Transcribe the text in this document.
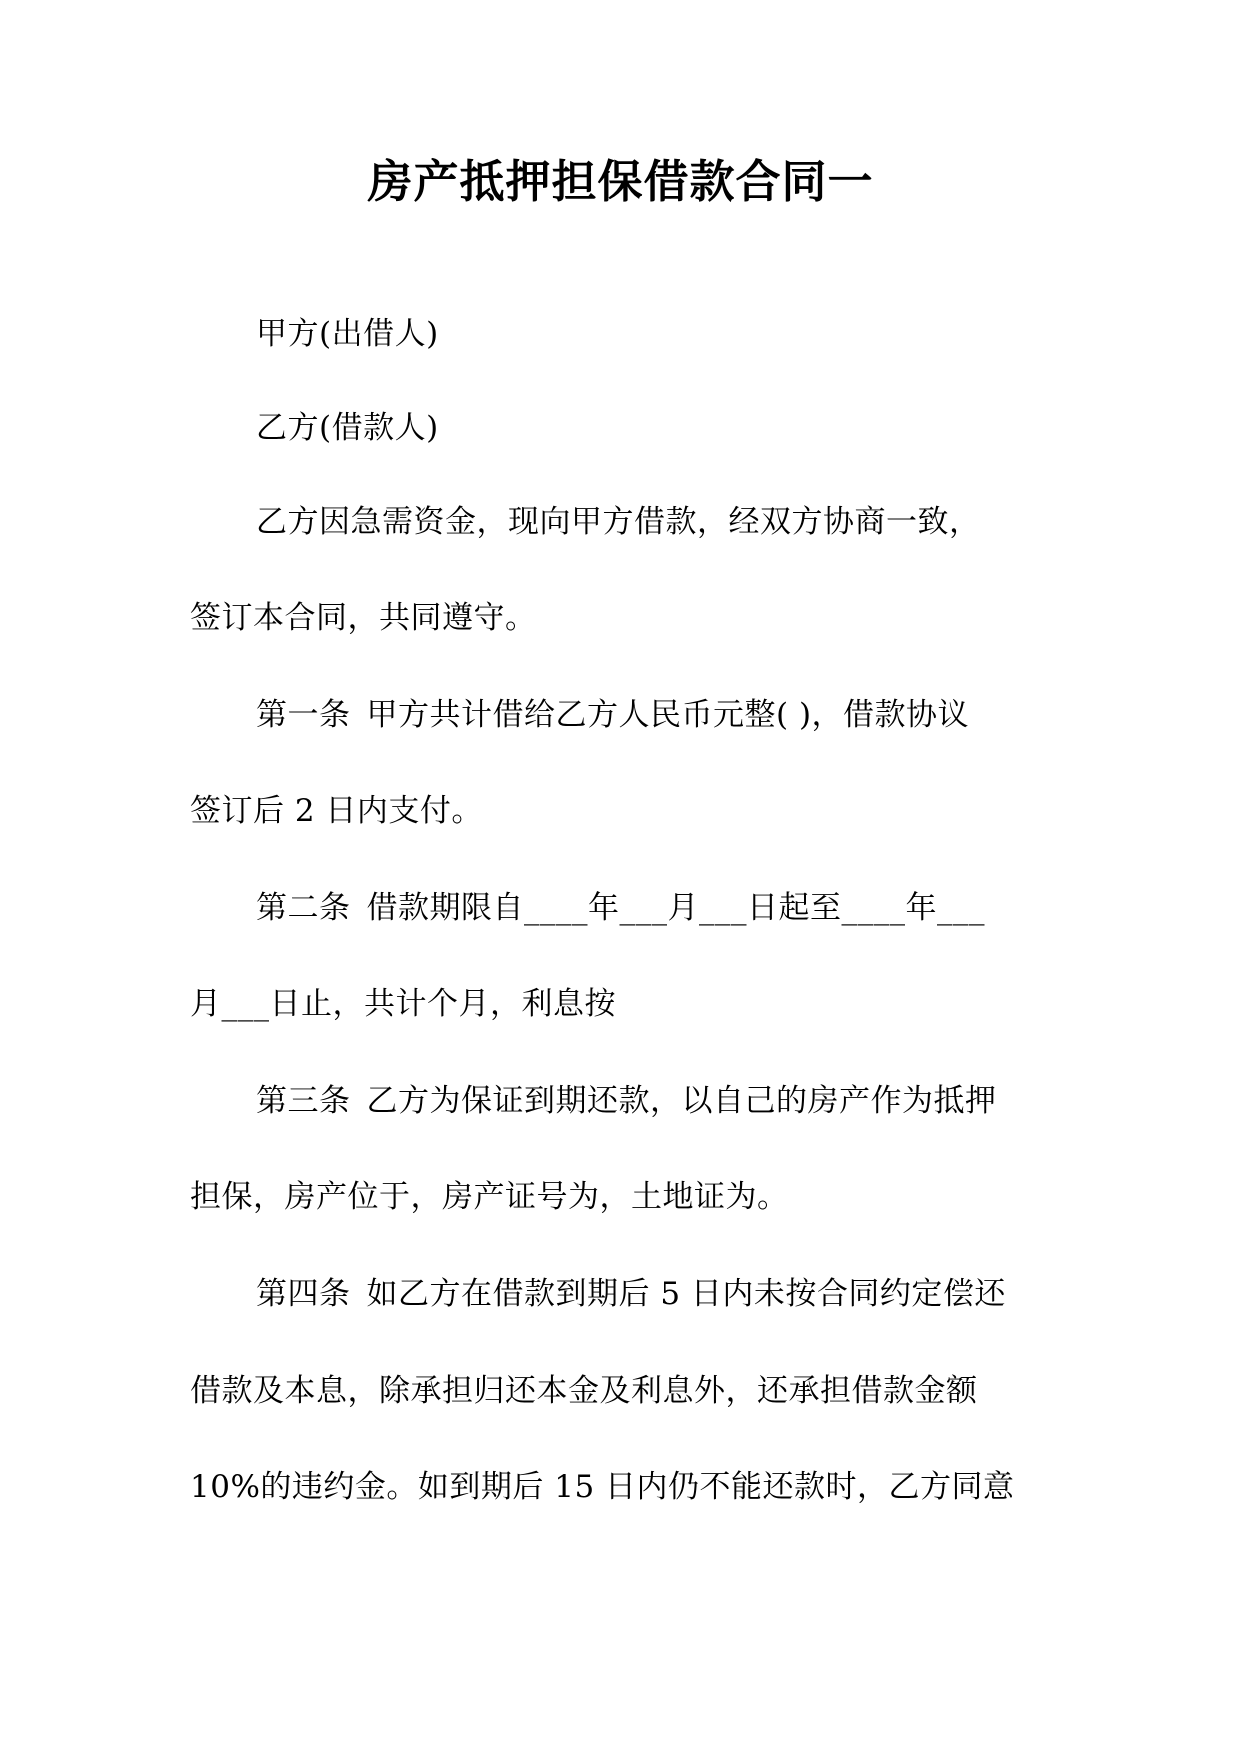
房产抵押担保借款合同一
甲方(出借人)
乙方(借款人)
乙方因急需资金，现向甲方借款，经双方协商一致，
签订本合同，共同遵守。
第一条 甲方共计借给乙方人民币元整( )，借款协议
签订后 2 日内支付。
第二条 借款期限自____年___月___日起至____年___
月___日止，共计个月，利息按
第三条 乙方为保证到期还款，以自己的房产作为抵押
担保，房产位于，房产证号为，土地证为。
第四条 如乙方在借款到期后 5 日内未按合同约定偿还
借款及本息，除承担归还本金及利息外，还承担借款金额
10%的违约金。如到期后 15 日内仍不能还款时，乙方同意
